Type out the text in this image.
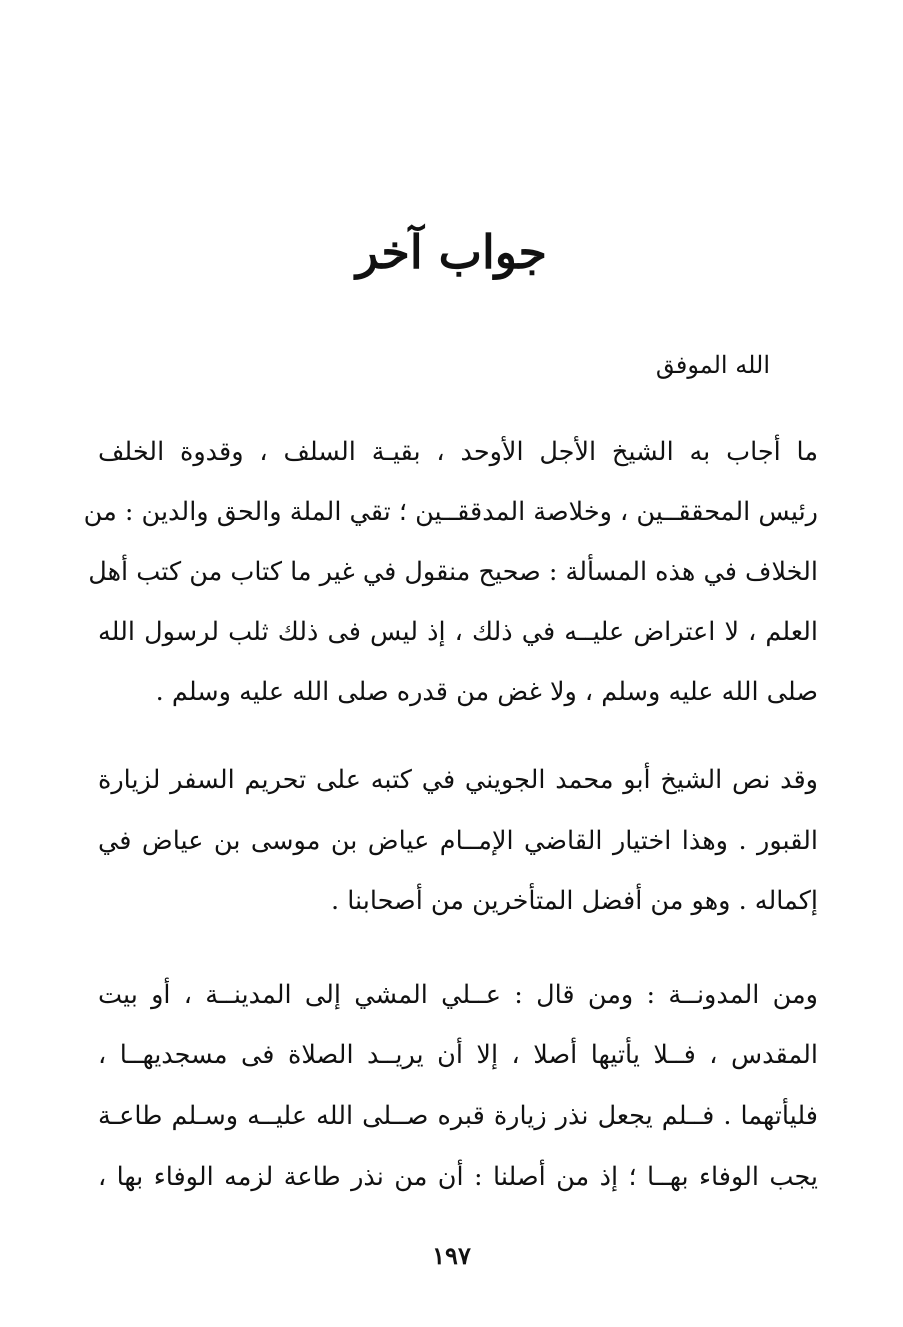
جواب آخر
الله الموفق
ما أجاب به الشيخ الأجل الأوحد ، بقيـة السلف ، وقدوة الخلف
رئيس المحققــين ، وخلاصة المدققــين ؛ تقي الملة والحق والدين : من
الخلاف في هذه المسألة : صحيح منقول في غير ما كتاب من كتب أهل
العلم ، لا اعتراض عليــه في ذلك ، إذ ليس فى ذلك ثلب لرسول الله
صلى الله عليه وسلم ، ولا غض من قدره صلى الله عليه وسلم .
وقد نص الشيخ أبو محمد الجويني في كتبه على تحريم السفر لزيارة
القبور . وهذا اختيار القاضي الإمــام عياض بن موسى بن عياض في
إكماله . وهو من أفضل المتأخرين من أصحابنا .
ومن المدونــة : ومن قال : عــلي المشي إلى المدينــة ، أو بيت
المقدس ، فــلا يأتيها أصلا ، إلا أن يريــد الصلاة فى مسجديهــا ،
فليأتهما . فــلم يجعل نذر زيارة قبره صــلى الله عليــه وسـلم طاعـة
يجب الوفاء بهــا ؛ إذ من أصلنا : أن من نذر طاعة لزمه الوفاء بها ،
١٩٧
